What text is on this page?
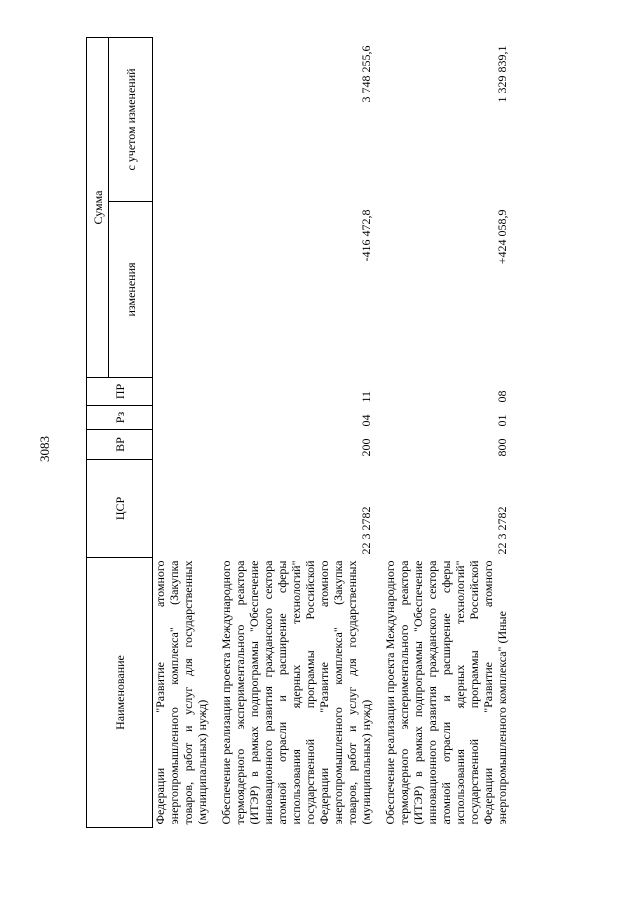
3083
Наименование	ЦСР	ВР	Рз	ПР	Сумма	
					изменения	с учетом изменений
Федерации "Развитие атомного энергопромышленного комплекса" (Закупка товаров, работ и услуг для государственных (муниципальных) нужд)						

Обеспечение реализации проекта Международного термоядерного экспериментального реактора (ИТЭР) в рамках подпрограммы "Обеспечение инновационного развития гражданского сектора атомной отрасли и расширение сферы использования ядерных технологий" государственной программы Российской Федерации "Развитие атомного энергопромышленного комплекса" (Закупка товаров, работ и услуг для государственных (муниципальных) нужд)	22 3 2782	200	04	11	-416 472,8	3 748 255,6

Обеспечение реализации проекта Международного термоядерного экспериментального реактора (ИТЭР) в рамках подпрограммы "Обеспечение инновационного развития гражданского сектора атомной отрасли и расширение сферы использования ядерных технологий" государственной программы Российской Федерации "Развитие атомного энергопромышленного комплекса" (Иные	22 3 2782	800	01	08	+424 058,9	1 329 839,1
